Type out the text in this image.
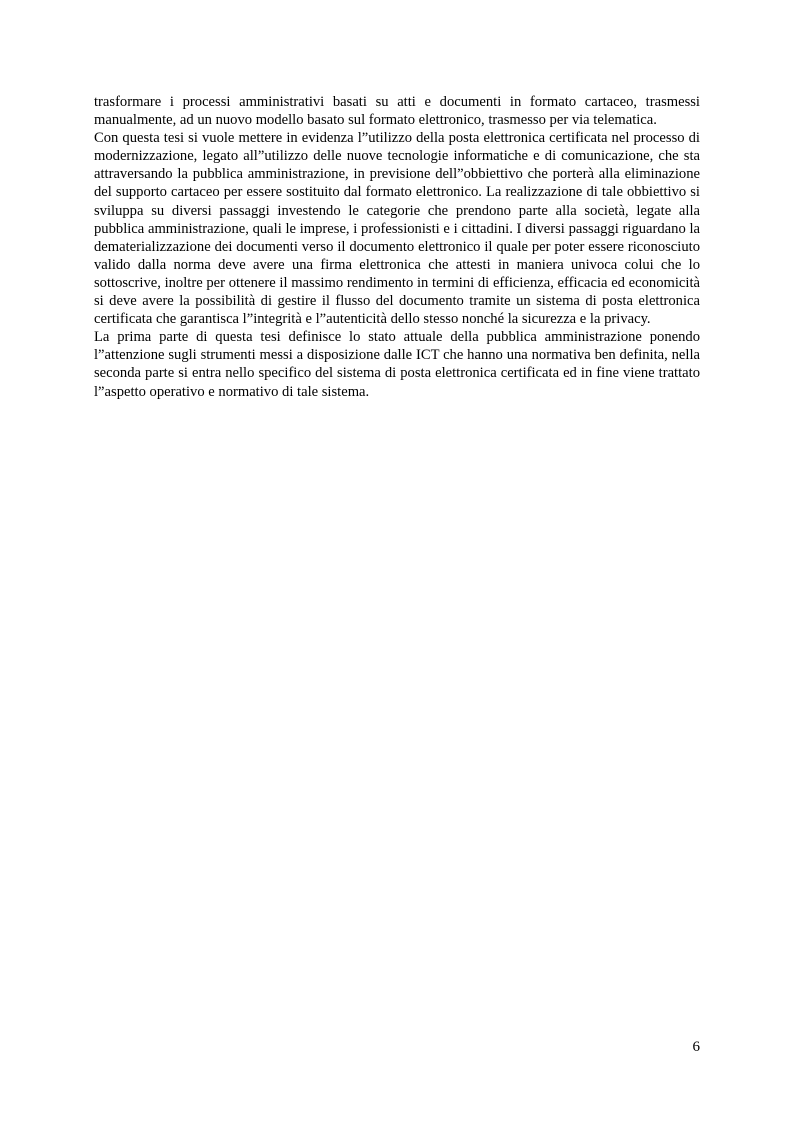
trasformare i processi amministrativi basati su atti e documenti in formato cartaceo, trasmessi manualmente, ad un nuovo modello basato sul formato elettronico, trasmesso per via telematica.

Con questa tesi si vuole mettere in evidenza l”utilizzo della posta elettronica certificata nel processo di modernizzazione, legato all”utilizzo delle nuove tecnologie informatiche e di comunicazione, che sta attraversando la pubblica amministrazione, in previsione dell”obbiettivo che porterà alla eliminazione del supporto cartaceo per essere sostituito dal formato elettronico. La realizzazione di tale obbiettivo si sviluppa su diversi passaggi investendo le categorie che prendono parte alla società, legate alla pubblica amministrazione, quali le imprese, i professionisti e i cittadini. I diversi passaggi riguardano la dematerializzazione dei documenti verso il documento elettronico il quale per poter essere riconosciuto valido dalla norma deve avere una firma elettronica che attesti in maniera univoca colui che lo sottoscrive, inoltre per ottenere il massimo rendimento in termini di efficienza, efficacia ed economicità si deve avere la possibilità di gestire il flusso del documento tramite un sistema di posta elettronica certificata che garantisca l”integrità e l”autenticità dello stesso nonché la sicurezza e la privacy.

La prima parte di questa tesi definisce lo stato attuale della pubblica amministrazione ponendo l”attenzione sugli strumenti messi a disposizione dalle ICT che hanno una normativa ben definita, nella seconda parte si entra nello specifico del sistema di posta elettronica certificata ed in fine viene trattato l”aspetto operativo e normativo di tale sistema.

6
